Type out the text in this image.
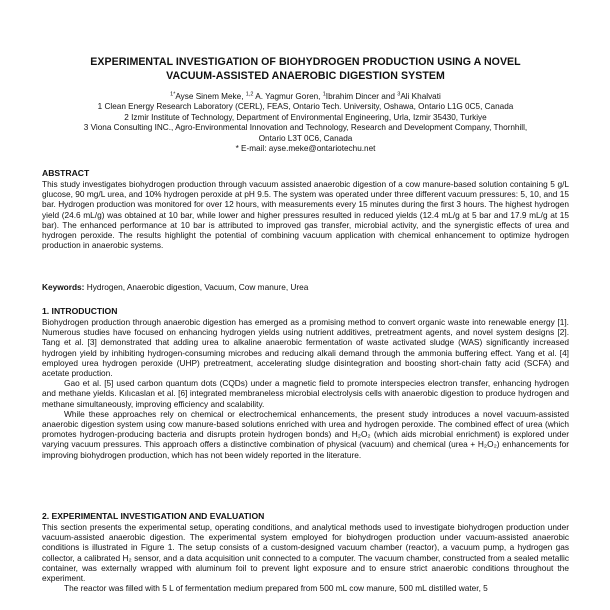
EXPERIMENTAL INVESTIGATION OF BIOHYDROGEN PRODUCTION USING A NOVEL
VACUUM-ASSISTED ANAEROBIC DIGESTION SYSTEM
$^{1*}$Ayse Sinem Meke, $^{1,2}$ A. Yagmur Goren, $^1$Ibrahim Dincer and $^3$Ali Khalvati
1 Clean Energy Research Laboratory (CERL), FEAS, Ontario Tech. University, Oshawa, Ontario L1G 0C5, Canada
2 Izmir Institute of Technology, Department of Environmental Engineering, Urla, Izmir 35430, Turkiye
3 Viona Consulting INC., Agro-Environmental Innovation and Technology, Research and Development Company, Thornhill,
Ontario L3T 0C6, Canada
* E-mail: ayse.meke@ontariotechu.net
ABSTRACT
This study investigates biohydrogen production through vacuum assisted anaerobic digestion of a cow manure-based solution containing 5 g/L glucose, 90 mg/L urea, and 10% hydrogen peroxide at pH 9.5. The system was operated under three different vacuum pressures: 5, 10, and 15 bar. Hydrogen production was monitored for over 12 hours, with measurements every 15 minutes during the first 3 hours. The highest hydrogen yield (24.6 mL/g) was obtained at 10 bar, while lower and higher pressures resulted in reduced yields (12.4 mL/g at 5 bar and 17.9 mL/g at 15 bar). The enhanced performance at 10 bar is attributed to improved gas transfer, microbial activity, and the synergistic effects of urea and hydrogen peroxide. The results highlight the potential of combining vacuum application with chemical enhancement to optimize hydrogen production in anaerobic systems.
Keywords: Hydrogen, Anaerobic digestion, Vacuum, Cow manure, Urea
1. INTRODUCTION
Biohydrogen production through anaerobic digestion has emerged as a promising method to convert organic waste into renewable energy [1]. Numerous studies have focused on enhancing hydrogen yields using nutrient additives, pretreatment agents, and novel system designs [2]. Tang et al. [3] demonstrated that adding urea to alkaline anaerobic fermentation of waste activated sludge (WAS) significantly increased hydrogen yield by inhibiting hydrogen-consuming microbes and reducing alkali demand through the ammonia buffering effect. Yang et al. [4] employed urea hydrogen peroxide (UHP) pretreatment, accelerating sludge disintegration and boosting short-chain fatty acid (SCFA) and acetate production.
Gao et al. [5] used carbon quantum dots (CQDs) under a magnetic field to promote interspecies electron transfer, enhancing hydrogen and methane yields. Kılıcaslan et al. [6] integrated membraneless microbial electrolysis cells with anaerobic digestion to produce hydrogen and methane simultaneously, improving efficiency and scalability.
While these approaches rely on chemical or electrochemical enhancements, the present study introduces a novel vacuum-assisted anaerobic digestion system using cow manure-based solutions enriched with urea and hydrogen peroxide. The combined effect of urea (which promotes hydrogen-producing bacteria and disrupts protein hydrogen bonds) and H₂O₂ (which aids microbial enrichment) is explored under varying vacuum pressures. This approach offers a distinctive combination of physical (vacuum) and chemical (urea + H₂O₂) enhancements for improving biohydrogen production, which has not been widely reported in the literature.
2. EXPERIMENTAL INVESTIGATION AND EVALUATION
This section presents the experimental setup, operating conditions, and analytical methods used to investigate biohydrogen production under vacuum-assisted anaerobic digestion. The experimental system employed for biohydrogen production under vacuum-assisted anaerobic conditions is illustrated in Figure 1. The setup consists of a custom-designed vacuum chamber (reactor), a vacuum pump, a hydrogen gas collector, a calibrated H₂ sensor, and a data acquisition unit connected to a computer. The vacuum chamber, constructed from a sealed metallic container, was externally wrapped with aluminum foil to prevent light exposure and to ensure strict anaerobic conditions throughout the experiment.
The reactor was filled with 5 L of fermentation medium prepared from 500 mL cow manure, 500 mL distilled water, 5
